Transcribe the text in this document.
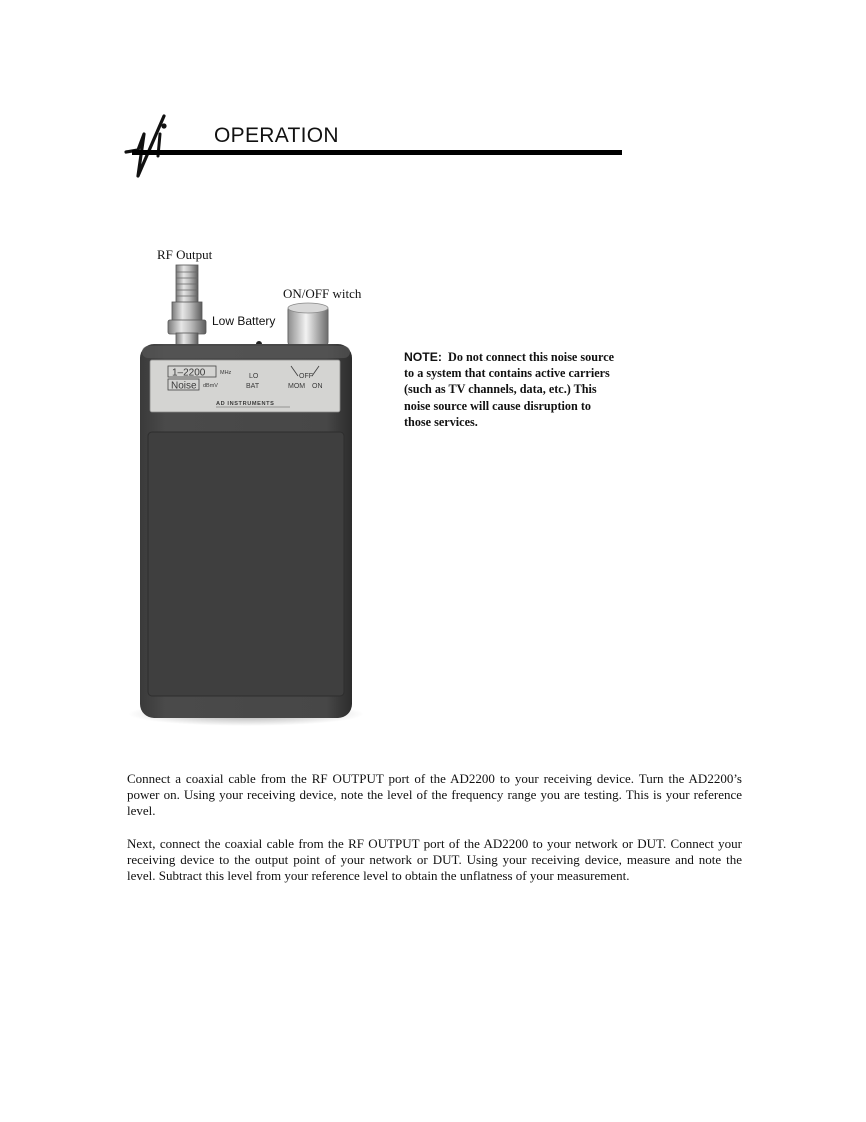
OPERATION
1–2200	MHz
Noise dBmV
LO
BAT
OFF
MOM ON
AD INSTRUMENTS
RF Output
ON/OFF witch
Low Battery
NOTE: Do not connect this noise source to a system that contains active carriers (such as TV channels, data, etc.) This noise source will cause disruption to those services.
Connect a coaxial cable from the RF OUTPUT port of the AD2200 to your receiving device. Turn the AD2200’s power on. Using your receiving device, note the level of the frequency range you are testing. This is your reference level.
Next, connect the coaxial cable from the RF OUTPUT port of the AD2200 to your network or DUT. Connect your receiving device to the output point of your network or DUT. Using your receiving device, measure and note the level. Subtract this level from your reference level to obtain the unflatness of your measurement.
